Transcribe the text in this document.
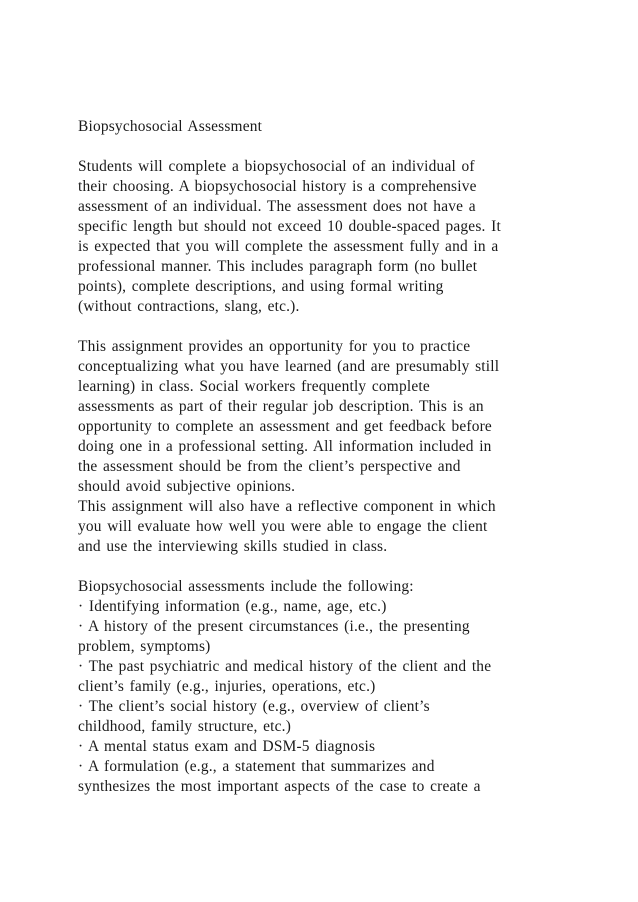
Biopsychosocial Assessment
Students will complete a biopsychosocial of an individual of
their choosing. A biopsychosocial history is a comprehensive
assessment of an individual. The assessment does not have a
specific length but should not exceed 10 double-spaced pages. It
is expected that you will complete the assessment fully and in a
professional manner. This includes paragraph form (no bullet
points), complete descriptions, and using formal writing
(without contractions, slang, etc.).
This assignment provides an opportunity for you to practice
conceptualizing what you have learned (and are presumably still
learning) in class. Social workers frequently complete
assessments as part of their regular job description. This is an
opportunity to complete an assessment and get feedback before
doing one in a professional setting. All information included in
the assessment should be from the client’s perspective and
should avoid subjective opinions.
This assignment will also have a reflective component in which
you will evaluate how well you were able to engage the client
and use the interviewing skills studied in class.
Biopsychosocial assessments include the following:
· Identifying information (e.g., name, age, etc.)
· A history of the present circumstances (i.e., the presenting
problem, symptoms)
· The past psychiatric and medical history of the client and the
client’s family (e.g., injuries, operations, etc.)
· The client’s social history (e.g., overview of client’s
childhood, family structure, etc.)
· A mental status exam and DSM-5 diagnosis
· A formulation (e.g., a statement that summarizes and
synthesizes the most important aspects of the case to create a
